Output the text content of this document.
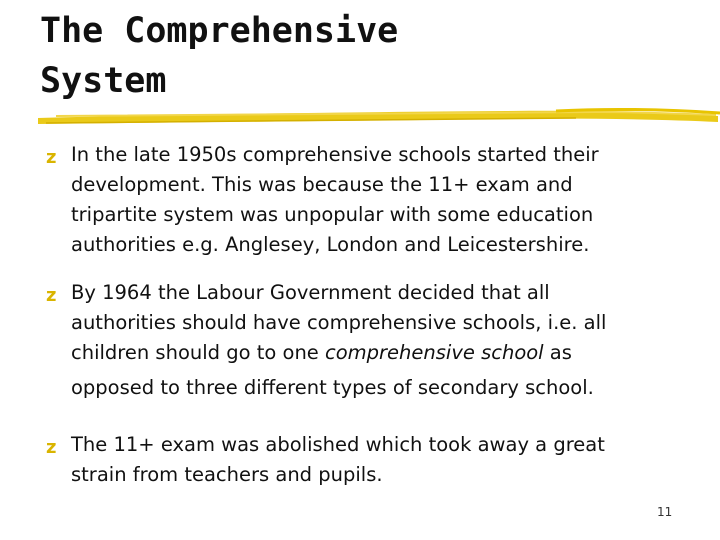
The Comprehensive
System
z In the late 1950s comprehensive schools started their
development. This was because the 11+ exam and
tripartite system was unpopular with some education
authorities e.g. Anglesey, London and Leicestershire.
z By 1964 the Labour Government decided that all
authorities should have comprehensive schools, i.e. all
children should go to one comprehensive school as
opposed to three different types of secondary school.
z The 11+ exam was abolished which took away a great
strain from teachers and pupils.
11
